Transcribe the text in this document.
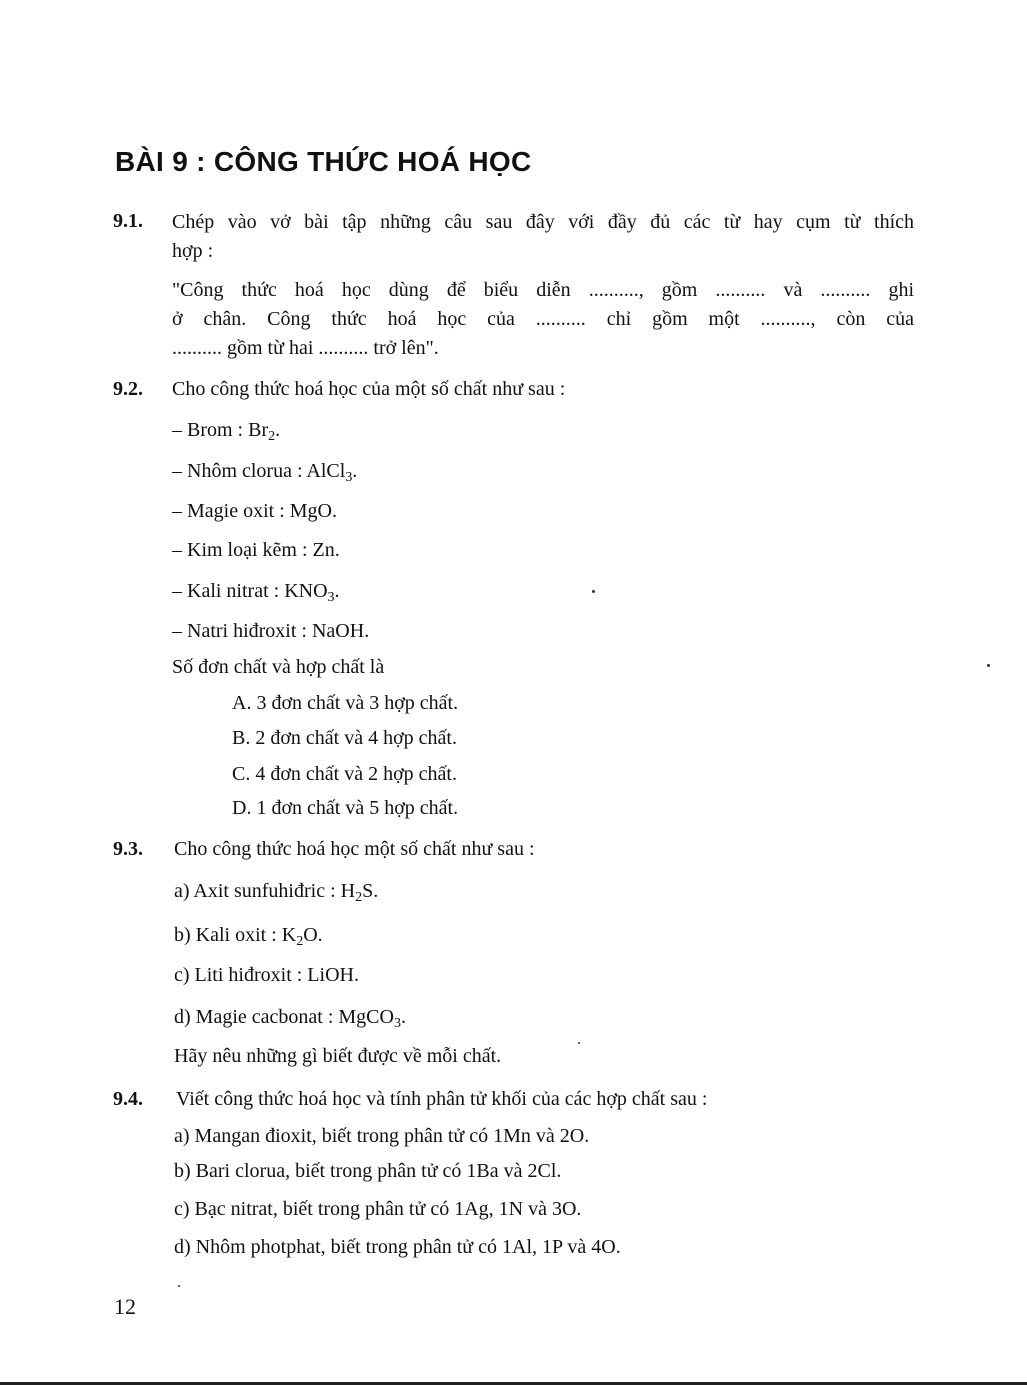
BÀI 9 : CÔNG THỨC HOÁ HỌC
9.1. Chép vào vở bài tập những câu sau đây với đầy đủ các từ hay cụm từ thích
hợp :
"Công thức hoá học dùng để biểu diễn .........., gồm .......... và .......... ghi
ở chân. Công thức hoá học của .......... chỉ gồm một .........., còn của
.......... gồm từ hai .......... trở lên".
9.2. Cho công thức hoá học của một số chất như sau :
– Brom : $Br_2$.
– Nhôm clorua : AlCl$_3$.
– Magie oxit : MgO.
– Kim loại kẽm : Zn.
– Kali nitrat : $KNO_3$.
– Natri hiđroxit : NaOH.
Số đơn chất và hợp chất là
A. 3 đơn chất và 3 hợp chất.
B. 2 đơn chất và 4 hợp chất.
C. 4 đơn chất và 2 hợp chất.
D. 1 đơn chất và 5 hợp chất.
9.3. Cho công thức hoá học một số chất như sau :
a) Axit sunfuhiđric : $H_2S$.
b) Kali oxit : $K_2O$.
c) Liti hiđroxit : LiOH.
d) Magie cacbonat : MgCO$_3$.
Hãy nêu những gì biết được về mỗi chất.
9.4. Viết công thức hoá học và tính phân tử khối của các hợp chất sau :
a) Mangan đioxit, biết trong phân tử có 1Mn và 2O.
b) Bari clorua, biết trong phân tử có 1Ba và 2Cl.
c) Bạc nitrat, biết trong phân tử có 1Ag, 1N và 3O.
d) Nhôm photphat, biết trong phân tử có 1Al, 1P và 4O.
12
